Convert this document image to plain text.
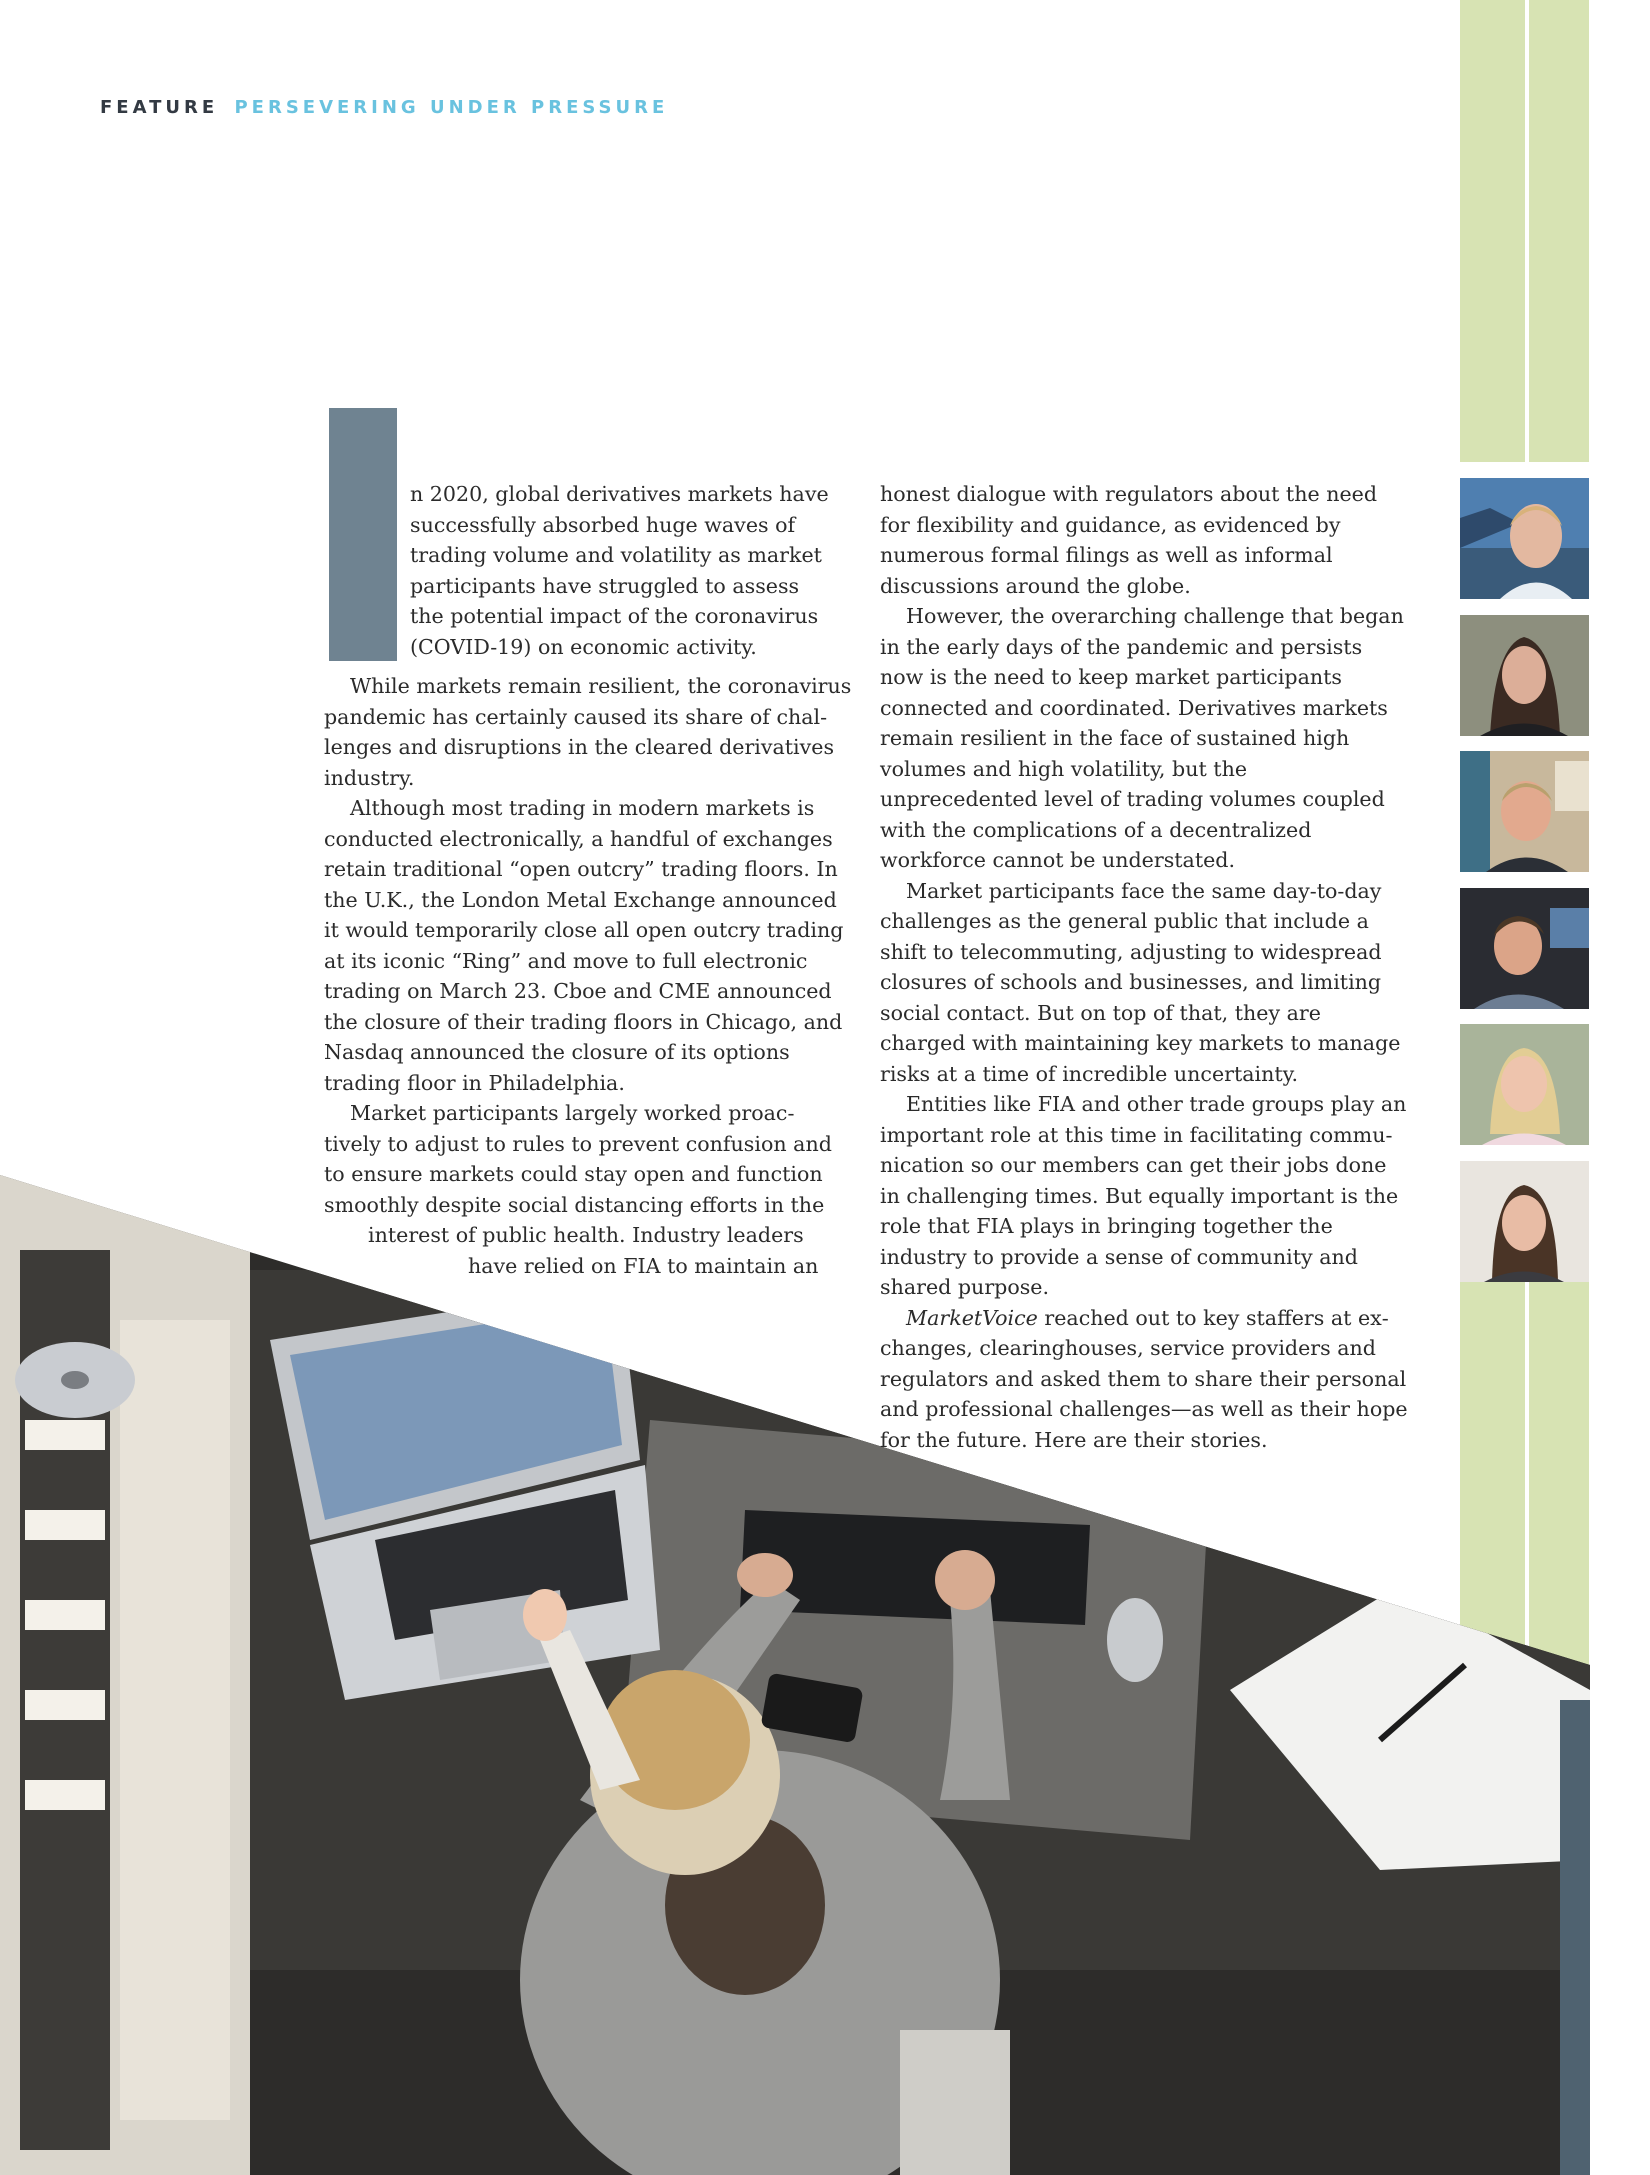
FEATURE PERSEVERING UNDER PRESSURE

n 2020, global derivatives markets have

successfully absorbed huge waves of

trading volume and volatility as market

participants have struggled to assess

the potential impact of the coronavirus

(COVID-19) on economic activity.

While markets remain resilient, the coronavirus pandemic has certainly caused its share of challenges and disruptions in the cleared derivatives industry.

Although most trading in modern markets is conducted electronically, a handful of exchanges retain traditional “open outcry” trading floors. In the U.K., the London Metal Exchange announced it would temporarily close all open outcry trading at its iconic “Ring” and move to full electronic trading on March 23. Cboe and CME announced the closure of their trading floors in Chicago, and Nasdaq announced the closure of its options trading floor in Philadelphia.

Market participants largely worked proac-

tively to adjust to rules to prevent confusion and

to ensure markets could stay open and function

smoothly despite social distancing efforts in the

interest of public health. Industry leaders

have relied on FIA to maintain an

honest dialogue with regulators about the need for flexibility and guidance, as evidenced by numerous formal filings as well as informal discussions around the globe.

However, the overarching challenge that began in the early days of the pandemic and persists now is the need to keep market participants connected and coordinated. Derivatives markets remain resilient in the face of sustained high volumes and high volatility, but the unprecedented level of trading volumes coupled with the complications of a decentralized workforce cannot be understated.

Market participants face the same day-to-day challenges as the general public that include a shift to telecommuting, adjusting to widespread closures of schools and businesses, and limiting social contact. But on top of that, they are charged with maintaining key markets to manage risks at a time of incredible uncertainty.

Entities like FIA and other trade groups play an important role at this time in facilitating communication so our members can get their jobs done in challenging times. But equally important is the role that FIA plays in bringing together the industry to provide a sense of community and shared purpose.

MarketVoice reached out to key staffers at exchanges, clearinghouses, service providers and regulators and asked them to share their personal and professional challenges—as well as their hope for the future. Here are their stories.
